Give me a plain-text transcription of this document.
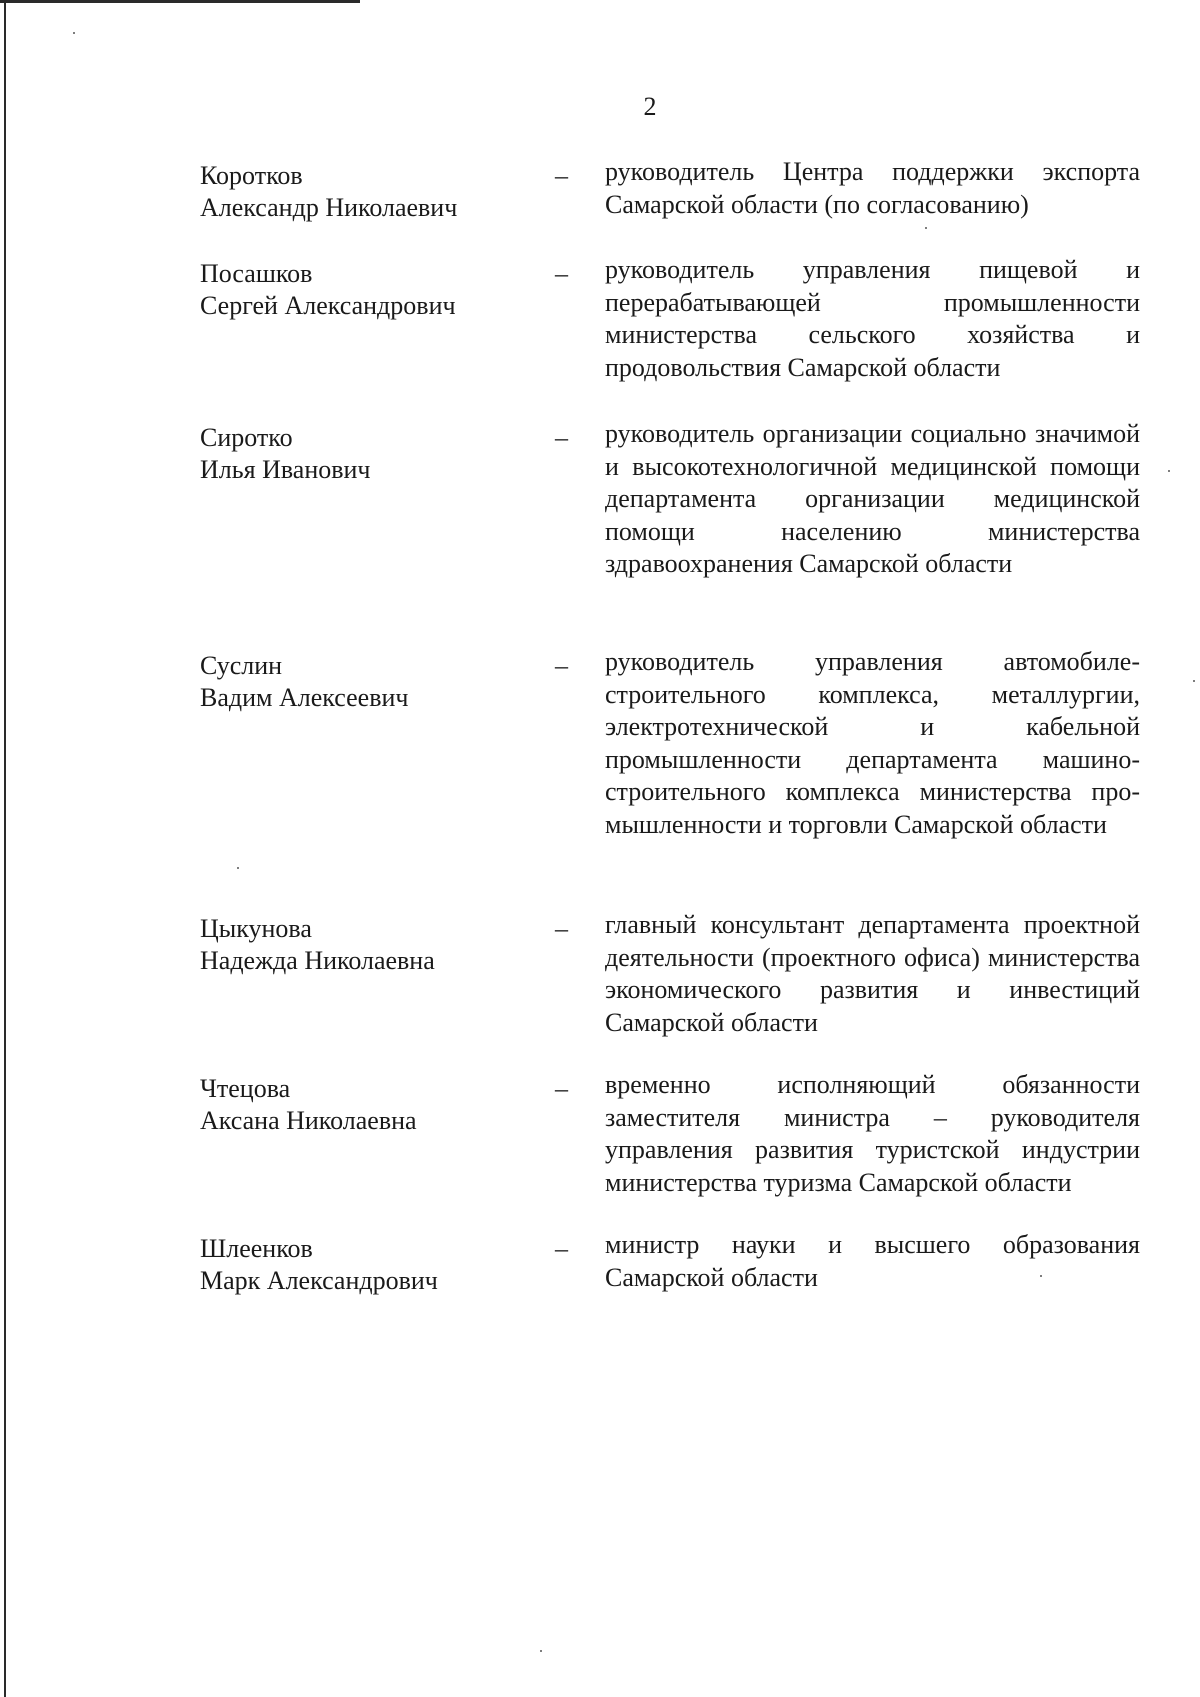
2
Коротков
Александр Николаевич
– руководитель Центра поддержки экспорта Самарской области (по согласованию)
Посашков
Сергей Александрович
– руководитель управления пищевой и перерабатывающей промышленности министерства сельского хозяйства и продовольствия Самарской области
Сиротко
Илья Иванович
– руководитель организации социально значимой и высокотехнологичной медицинской помощи департамента организации медицинской помощи населению министерства здравоохранения Самарской области
Суслин
Вадим Алексеевич
– руководитель управления автомобиле-строительного комплекса, металлургии, электротехнической и кабельной промышленности департамента машино-строительного комплекса министерства про-мышленности и торговли Самарской области
Цыкунова
Надежда Николаевна
– главный консультант департамента проектной деятельности (проектного офиса) министерства экономического развития и инвестиций Самарской области
Чтецова
Аксана Николаевна
– временно исполняющий обязанности заместителя министра – руководителя управления развития туристской индустрии министерства туризма Самарской области
Шлеенков
Марк Александрович
– министр науки и высшего образования Самарской области
